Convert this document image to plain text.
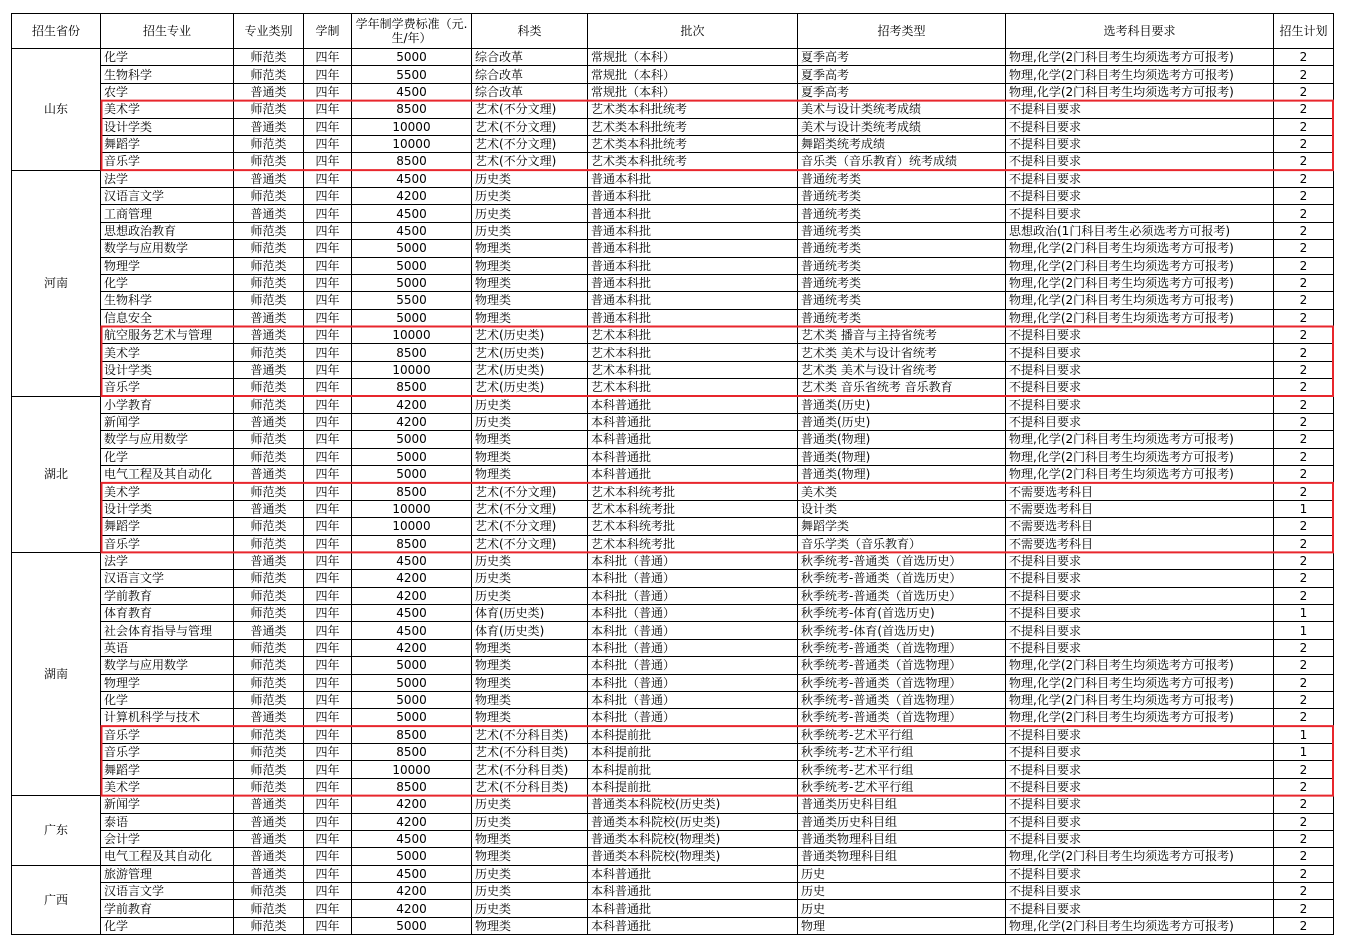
招生省份	招生专业	专业类别	学制	学年制学费标准（元.生/年）	科类	批次	招考类型	选考科目要求	招生计划
山东	化学	师范类	四年	5000	综合改革	常规批（本科）	夏季高考	物理,化学(2门科目考生均须选考方可报考)	2
	生物科学	师范类	四年	5500	综合改革	常规批（本科）	夏季高考	物理,化学(2门科目考生均须选考方可报考)	2
	农学	普通类	四年	4500	综合改革	常规批（本科）	夏季高考	物理,化学(2门科目考生均须选考方可报考)	2
	美术学	师范类	四年	8500	艺术(不分文理)	艺术类本科批统考	美术与设计类统考成绩	不提科目要求	2
	设计学类	普通类	四年	10000	艺术(不分文理)	艺术类本科批统考	美术与设计类统考成绩	不提科目要求	2
	舞蹈学	师范类	四年	10000	艺术(不分文理)	艺术类本科批统考	舞蹈类统考成绩	不提科目要求	2
	音乐学	师范类	四年	8500	艺术(不分文理)	艺术类本科批统考	音乐类（音乐教育）统考成绩	不提科目要求	2
河南	法学	普通类	四年	4500	历史类	普通本科批	普通统考类	不提科目要求	2
	汉语言文学	师范类	四年	4200	历史类	普通本科批	普通统考类	不提科目要求	2
	工商管理	普通类	四年	4500	历史类	普通本科批	普通统考类	不提科目要求	2
	思想政治教育	师范类	四年	4500	历史类	普通本科批	普通统考类	思想政治(1门科目考生必须选考方可报考)	2
	数学与应用数学	师范类	四年	5000	物理类	普通本科批	普通统考类	物理,化学(2门科目考生均须选考方可报考)	2
	物理学	师范类	四年	5000	物理类	普通本科批	普通统考类	物理,化学(2门科目考生均须选考方可报考)	2
	化学	师范类	四年	5000	物理类	普通本科批	普通统考类	物理,化学(2门科目考生均须选考方可报考)	2
	生物科学	师范类	四年	5500	物理类	普通本科批	普通统考类	物理,化学(2门科目考生均须选考方可报考)	2
	信息安全	普通类	四年	5000	物理类	普通本科批	普通统考类	物理,化学(2门科目考生均须选考方可报考)	2
	航空服务艺术与管理	普通类	四年	10000	艺术(历史类)	艺术本科批	艺术类 播音与主持省统考	不提科目要求	2
	美术学	师范类	四年	8500	艺术(历史类)	艺术本科批	艺术类 美术与设计省统考	不提科目要求	2
	设计学类	普通类	四年	10000	艺术(历史类)	艺术本科批	艺术类 美术与设计省统考	不提科目要求	2
	音乐学	师范类	四年	8500	艺术(历史类)	艺术本科批	艺术类 音乐省统考 音乐教育	不提科目要求	2
湖北	小学教育	师范类	四年	4200	历史类	本科普通批	普通类(历史)	不提科目要求	2
	新闻学	普通类	四年	4200	历史类	本科普通批	普通类(历史)	不提科目要求	2
	数学与应用数学	师范类	四年	5000	物理类	本科普通批	普通类(物理)	物理,化学(2门科目考生均须选考方可报考)	2
	化学	师范类	四年	5000	物理类	本科普通批	普通类(物理)	物理,化学(2门科目考生均须选考方可报考)	2
	电气工程及其自动化	普通类	四年	5000	物理类	本科普通批	普通类(物理)	物理,化学(2门科目考生均须选考方可报考)	2
	美术学	师范类	四年	8500	艺术(不分文理)	艺术本科统考批	美术类	不需要选考科目	2
	设计学类	普通类	四年	10000	艺术(不分文理)	艺术本科统考批	设计类	不需要选考科目	1
	舞蹈学	师范类	四年	10000	艺术(不分文理)	艺术本科统考批	舞蹈学类	不需要选考科目	2
	音乐学	师范类	四年	8500	艺术(不分文理)	艺术本科统考批	音乐学类（音乐教育）	不需要选考科目	2
湖南	法学	普通类	四年	4500	历史类	本科批（普通）	秋季统考-普通类（首选历史）	不提科目要求	2
	汉语言文学	师范类	四年	4200	历史类	本科批（普通）	秋季统考-普通类（首选历史）	不提科目要求	2
	学前教育	师范类	四年	4200	历史类	本科批（普通）	秋季统考-普通类（首选历史）	不提科目要求	2
	体育教育	师范类	四年	4500	体育(历史类)	本科批（普通）	秋季统考-体育(首选历史)	不提科目要求	1
	社会体育指导与管理	普通类	四年	4500	体育(历史类)	本科批（普通）	秋季统考-体育(首选历史)	不提科目要求	1
	英语	师范类	四年	4200	物理类	本科批（普通）	秋季统考-普通类（首选物理）	不提科目要求	2
	数学与应用数学	师范类	四年	5000	物理类	本科批（普通）	秋季统考-普通类（首选物理）	物理,化学(2门科目考生均须选考方可报考)	2
	物理学	师范类	四年	5000	物理类	本科批（普通）	秋季统考-普通类（首选物理）	物理,化学(2门科目考生均须选考方可报考)	2
	化学	师范类	四年	5000	物理类	本科批（普通）	秋季统考-普通类（首选物理）	物理,化学(2门科目考生均须选考方可报考)	2
	计算机科学与技术	普通类	四年	5000	物理类	本科批（普通）	秋季统考-普通类（首选物理）	物理,化学(2门科目考生均须选考方可报考)	2
	音乐学	师范类	四年	8500	艺术(不分科目类)	本科提前批	秋季统考-艺术平行组	不提科目要求	1
	音乐学	师范类	四年	8500	艺术(不分科目类)	本科提前批	秋季统考-艺术平行组	不提科目要求	1
	舞蹈学	师范类	四年	10000	艺术(不分科目类)	本科提前批	秋季统考-艺术平行组	不提科目要求	2
	美术学	师范类	四年	8500	艺术(不分科目类)	本科提前批	秋季统考-艺术平行组	不提科目要求	2
广东	新闻学	普通类	四年	4200	历史类	普通类本科院校(历史类)	普通类历史科目组	不提科目要求	2
	泰语	普通类	四年	4200	历史类	普通类本科院校(历史类)	普通类历史科目组	不提科目要求	2
	会计学	普通类	四年	4500	物理类	普通类本科院校(物理类)	普通类物理科目组	不提科目要求	2
	电气工程及其自动化	普通类	四年	5000	物理类	普通类本科院校(物理类)	普通类物理科目组	物理,化学(2门科目考生均须选考方可报考)	2
广西	旅游管理	普通类	四年	4500	历史类	本科普通批	历史	不提科目要求	2
	汉语言文学	师范类	四年	4200	历史类	本科普通批	历史	不提科目要求	2
	学前教育	师范类	四年	4200	历史类	本科普通批	历史	不提科目要求	2
	化学	师范类	四年	5000	物理类	本科普通批	物理	物理,化学(2门科目考生均须选考方可报考)	2
